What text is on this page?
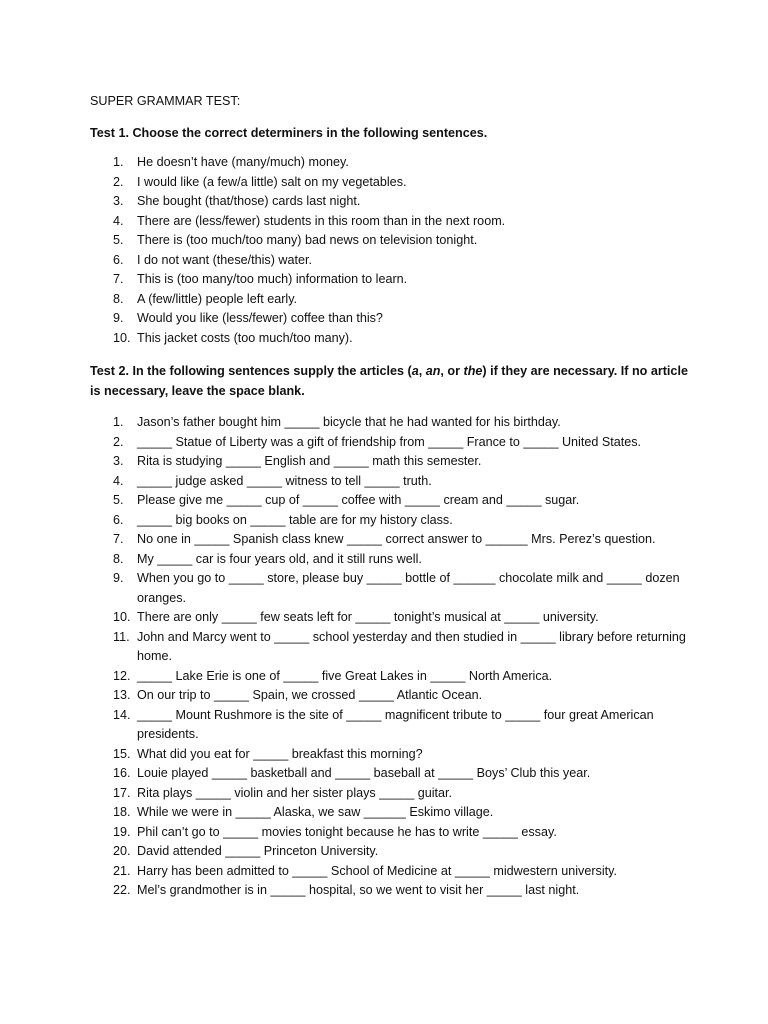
SUPER GRAMMAR TEST:

Test 1. Choose the correct determiners in the following sentences.

1.	He doesn’t have (many/much) money.
2.	I would like (a few/a little) salt on my vegetables.
3.	She bought (that/those) cards last night.
4.	There are (less/fewer) students in this room than in the next room.
5.	There is (too much/too many) bad news on television tonight.
6.	I do not want (these/this) water.
7.	This is (too many/too much) information to learn.
8.	A (few/little) people left early.
9.	Would you like (less/fewer) coffee than this?
10. This jacket costs (too much/too many).

Test 2. In the following sentences supply the articles (a, an, or the) if they are necessary. If no article is necessary, leave the space blank.

1.	Jason’s father bought him _____ bicycle that he had wanted for his birthday.
2.	_____ Statue of Liberty was a gift of friendship from _____ France to _____ United States.
3.	Rita is studying _____ English and _____ math this semester.
4.	_____ judge asked _____ witness to tell _____ truth.
5.	Please give me _____ cup of _____ coffee with _____ cream and _____ sugar.
6.	_____ big books on _____ table are for my history class.
7.	No one in _____ Spanish class knew _____ correct answer to ______ Mrs. Perez’s question.
8.	My _____ car is four years old, and it still runs well.
9.	When you go to _____ store, please buy _____ bottle of ______ chocolate milk and _____ dozen oranges.
10. There are only _____ few seats left for _____ tonight’s musical at _____ university.
11. John and Marcy went to _____ school yesterday and then studied in _____ library before returning home.
12. _____ Lake Erie is one of _____ five Great Lakes in _____ North America.
13. On our trip to _____ Spain, we crossed _____ Atlantic Ocean.
14. _____ Mount Rushmore is the site of _____ magnificent tribute to _____ four great American presidents.
15. What did you eat for _____ breakfast this morning?
16. Louie played _____ basketball and _____ baseball at _____ Boys’ Club this year.
17. Rita plays _____ violin and her sister plays _____ guitar.
18. While we were in _____ Alaska, we saw ______ Eskimo village.
19. Phil can’t go to _____ movies tonight because he has to write _____ essay.
20. David attended _____ Princeton University.
21. Harry has been admitted to _____ School of Medicine at _____ midwestern university.
22. Mel’s grandmother is in _____ hospital, so we went to visit her _____ last night.
